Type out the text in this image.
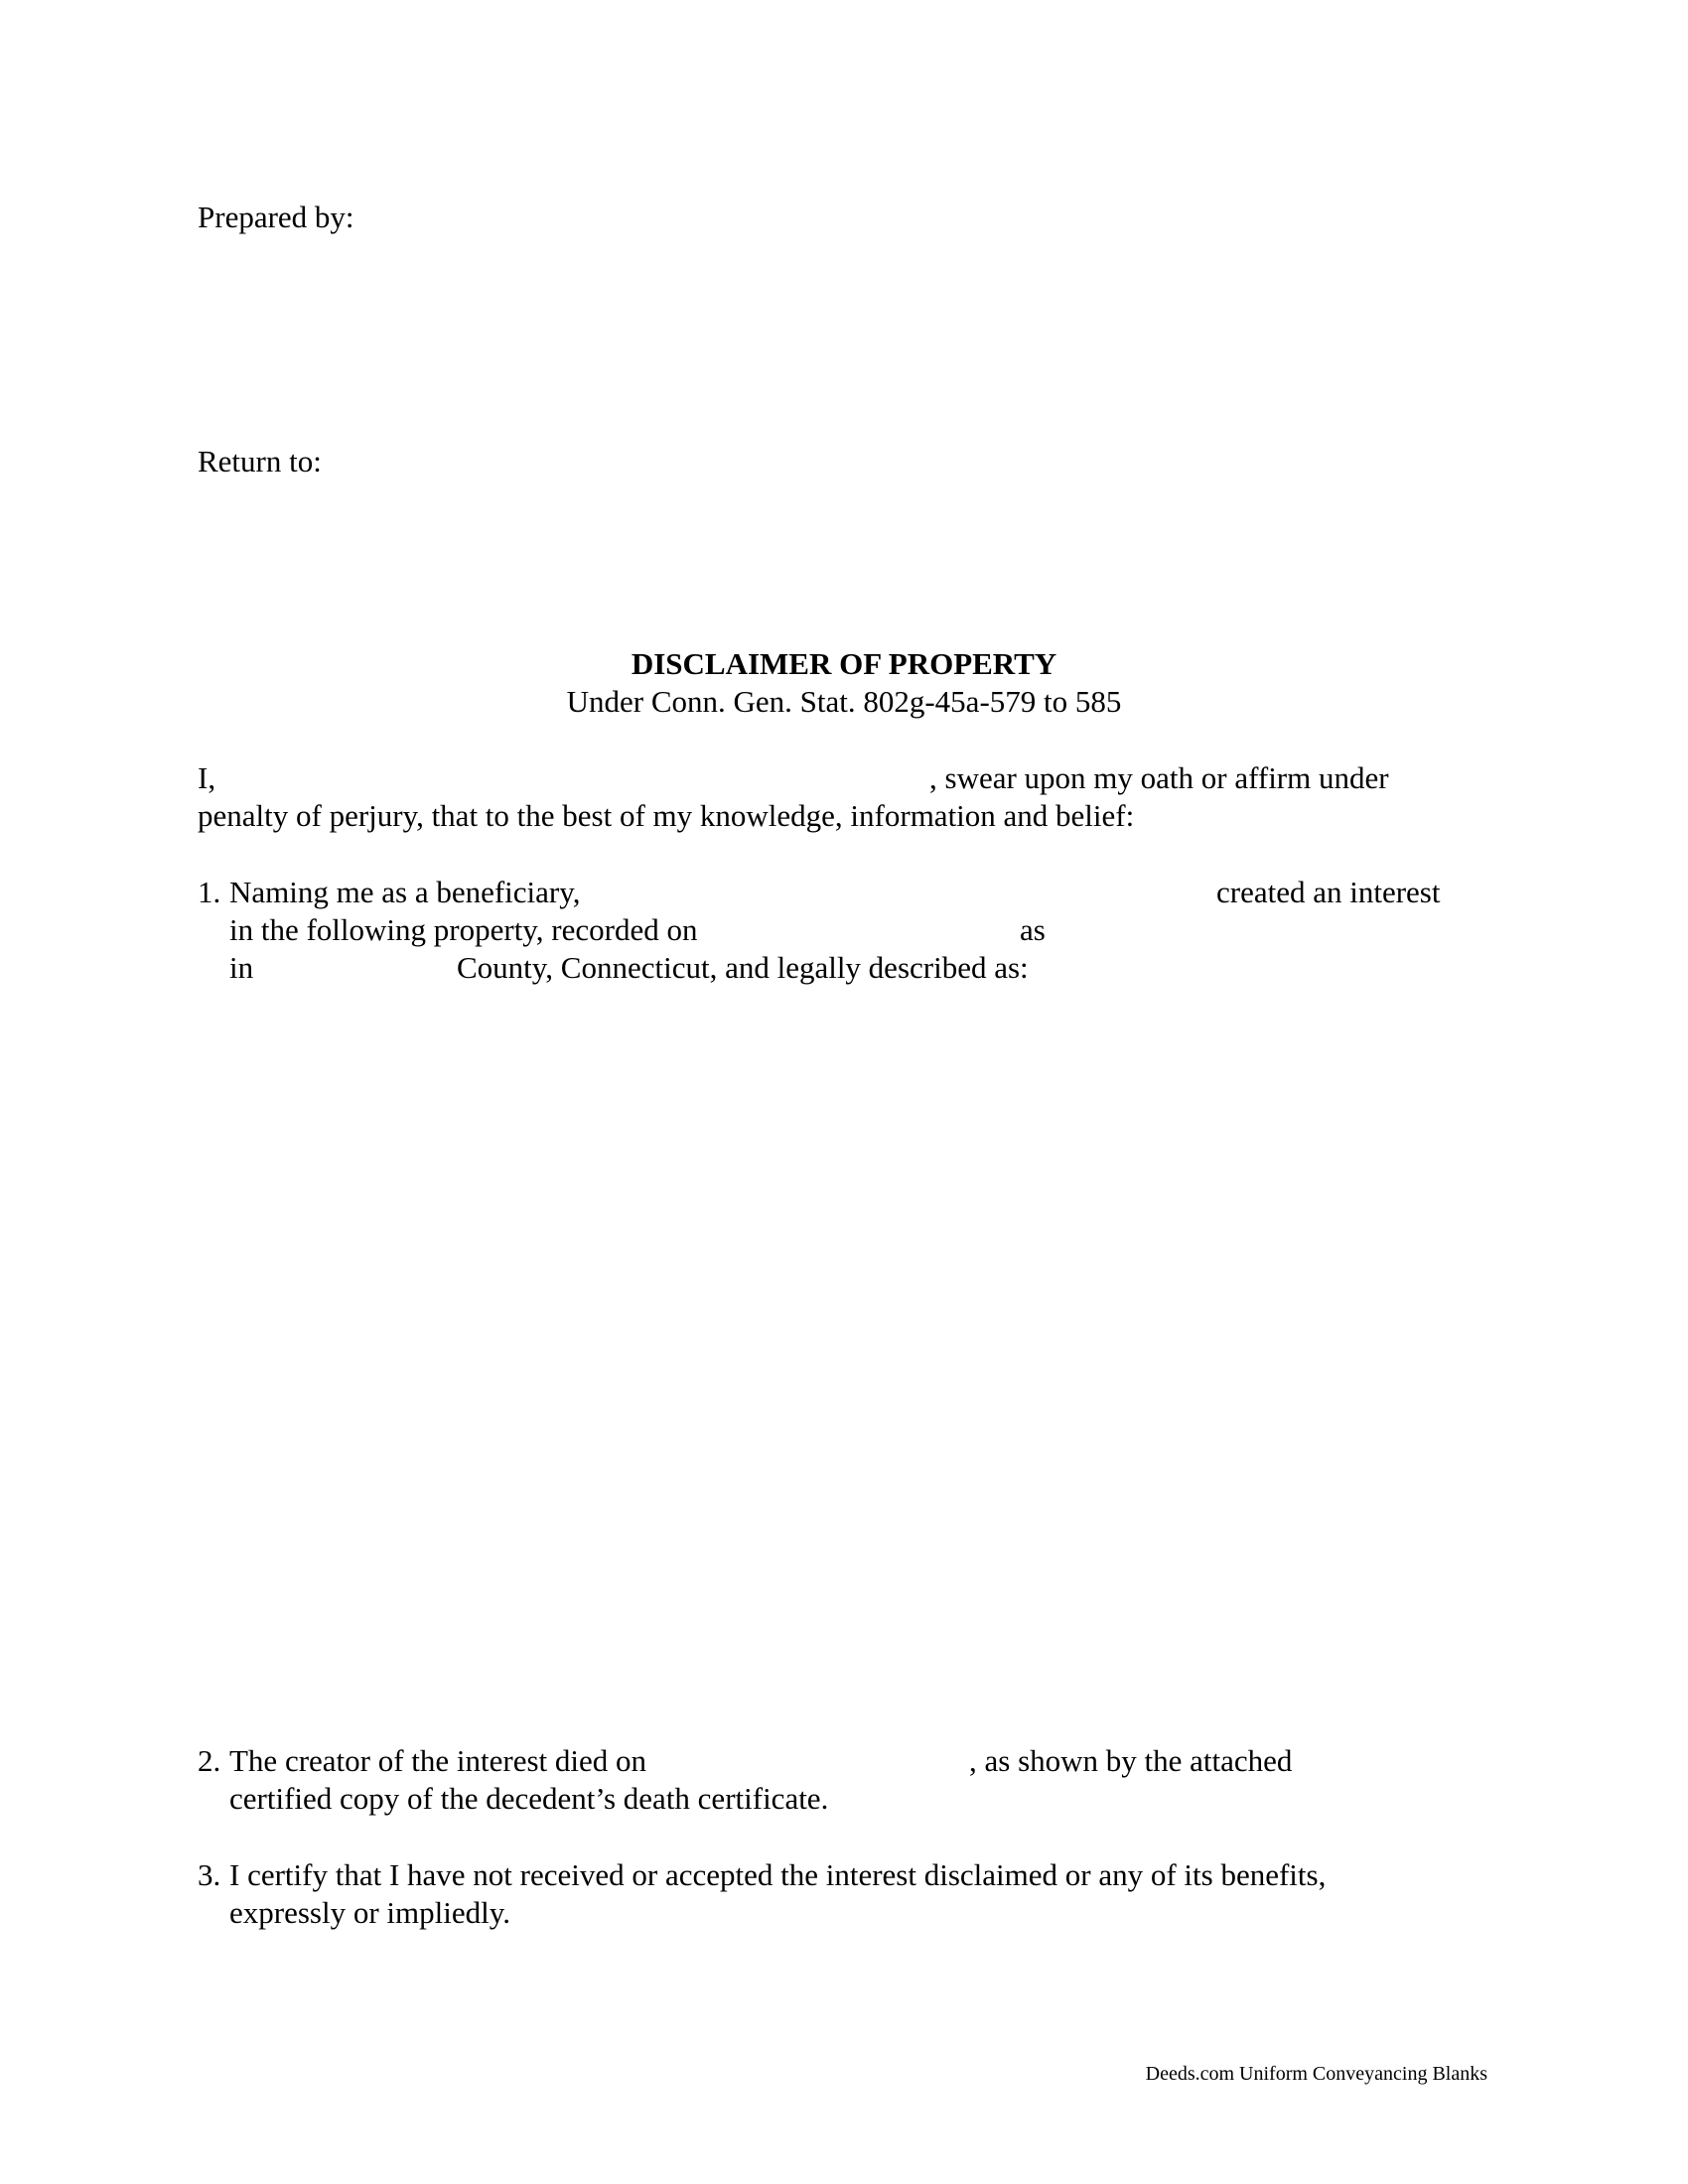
Prepared by:
Return to:
DISCLAIMER OF PROPERTY
Under Conn. Gen. Stat. 802g-45a-579 to 585
I,	, swear upon my oath or affirm under
penalty of perjury, that to the best of my knowledge, information and belief:
1. Naming me as a beneficiary,	created an interest
in the following property, recorded on	as
in	County, Connecticut, and legally described as:
2. The creator of the interest died on	, as shown by the attached
certified copy of the decedent’s death certificate.
3. I certify that I have not received or accepted the interest disclaimed or any of its benefits,
expressly or impliedly.
Deeds.com Uniform Conveyancing Blanks
